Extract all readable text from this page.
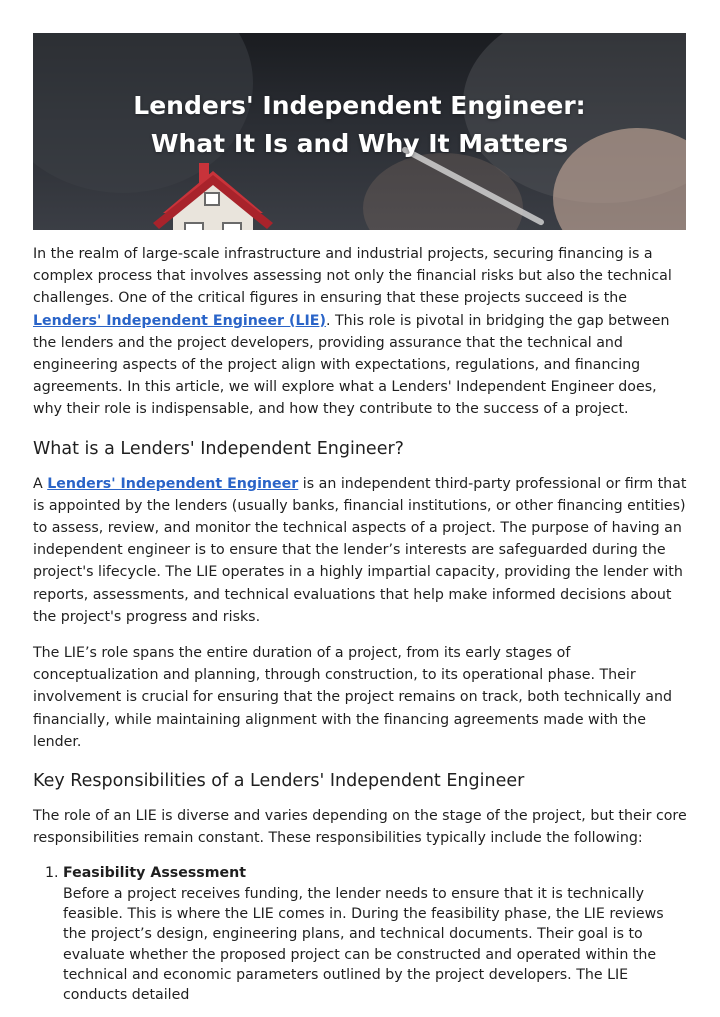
Lenders' Independent Engineer:
What It Is and Why It Matters

In the realm of large-scale infrastructure and industrial projects, securing financing is a complex process that involves assessing not only the financial risks but also the technical challenges. One of the critical figures in ensuring that these projects succeed is the Lenders' Independent Engineer (LIE). This role is pivotal in bridging the gap between the lenders and the project developers, providing assurance that the technical and engineering aspects of the project align with expectations, regulations, and financing agreements. In this article, we will explore what a Lenders' Independent Engineer does, why their role is indispensable, and how they contribute to the success of a project.

What is a Lenders' Independent Engineer?

A Lenders' Independent Engineer is an independent third-party professional or firm that is appointed by the lenders (usually banks, financial institutions, or other financing entities) to assess, review, and monitor the technical aspects of a project. The purpose of having an independent engineer is to ensure that the lender’s interests are safeguarded during the project's lifecycle. The LIE operates in a highly impartial capacity, providing the lender with reports, assessments, and technical evaluations that help make informed decisions about the project's progress and risks.

The LIE’s role spans the entire duration of a project, from its early stages of conceptualization and planning, through construction, to its operational phase. Their involvement is crucial for ensuring that the project remains on track, both technically and financially, while maintaining alignment with the financing agreements made with the lender.

Key Responsibilities of a Lenders' Independent Engineer

The role of an LIE is diverse and varies depending on the stage of the project, but their core responsibilities remain constant. These responsibilities typically include the following:

1. Feasibility Assessment
Before a project receives funding, the lender needs to ensure that it is technically feasible. This is where the LIE comes in. During the feasibility phase, the LIE reviews the project’s design, engineering plans, and technical documents. Their goal is to evaluate whether the proposed project can be constructed and operated within the technical and economic parameters outlined by the project developers. The LIE conducts detailed
